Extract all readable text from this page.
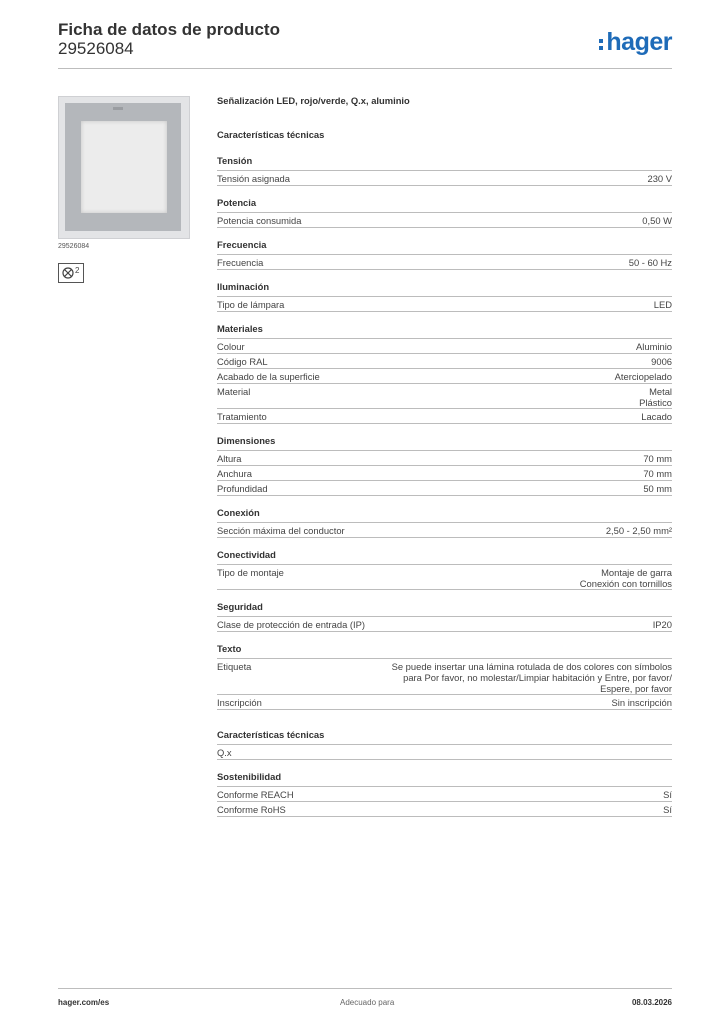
Ficha de datos de producto
29526084	hager
29526084
2
Señalización LED, rojo/verde, Q.x, aluminio
Características técnicas
Tensión
Tensión asignada	230 V
Potencia
Potencia consumida	0,50 W
Frecuencia
Frecuencia	50 - 60 Hz
Iluminación
Tipo de lámpara	LED
Materiales
Colour	Aluminio
Código RAL	9006
Acabado de la superficie	Aterciopelado
Material	Metal
Plástico
Tratamiento	Lacado
Dimensiones
Altura	70 mm
Anchura	70 mm
Profundidad	50 mm
Conexión
Sección máxima del conductor	2,50 - 2,50 mm²
Conectividad
Tipo de montaje	Montaje de garra
Conexión con tornillos
Seguridad
Clase de protección de entrada (IP)	IP20
Texto
Etiqueta	Se puede insertar una lámina rotulada de dos colores con símbolos
para Por favor, no molestar/Limpiar habitación y Entre, por favor/
Espere, por favor
Inscripción	Sin inscripción
Características técnicas
Q.x
Sostenibilidad
Conforme REACH	Sí
Conforme RoHS	Sí
hager.com/es	Adecuado para	08.03.2026
